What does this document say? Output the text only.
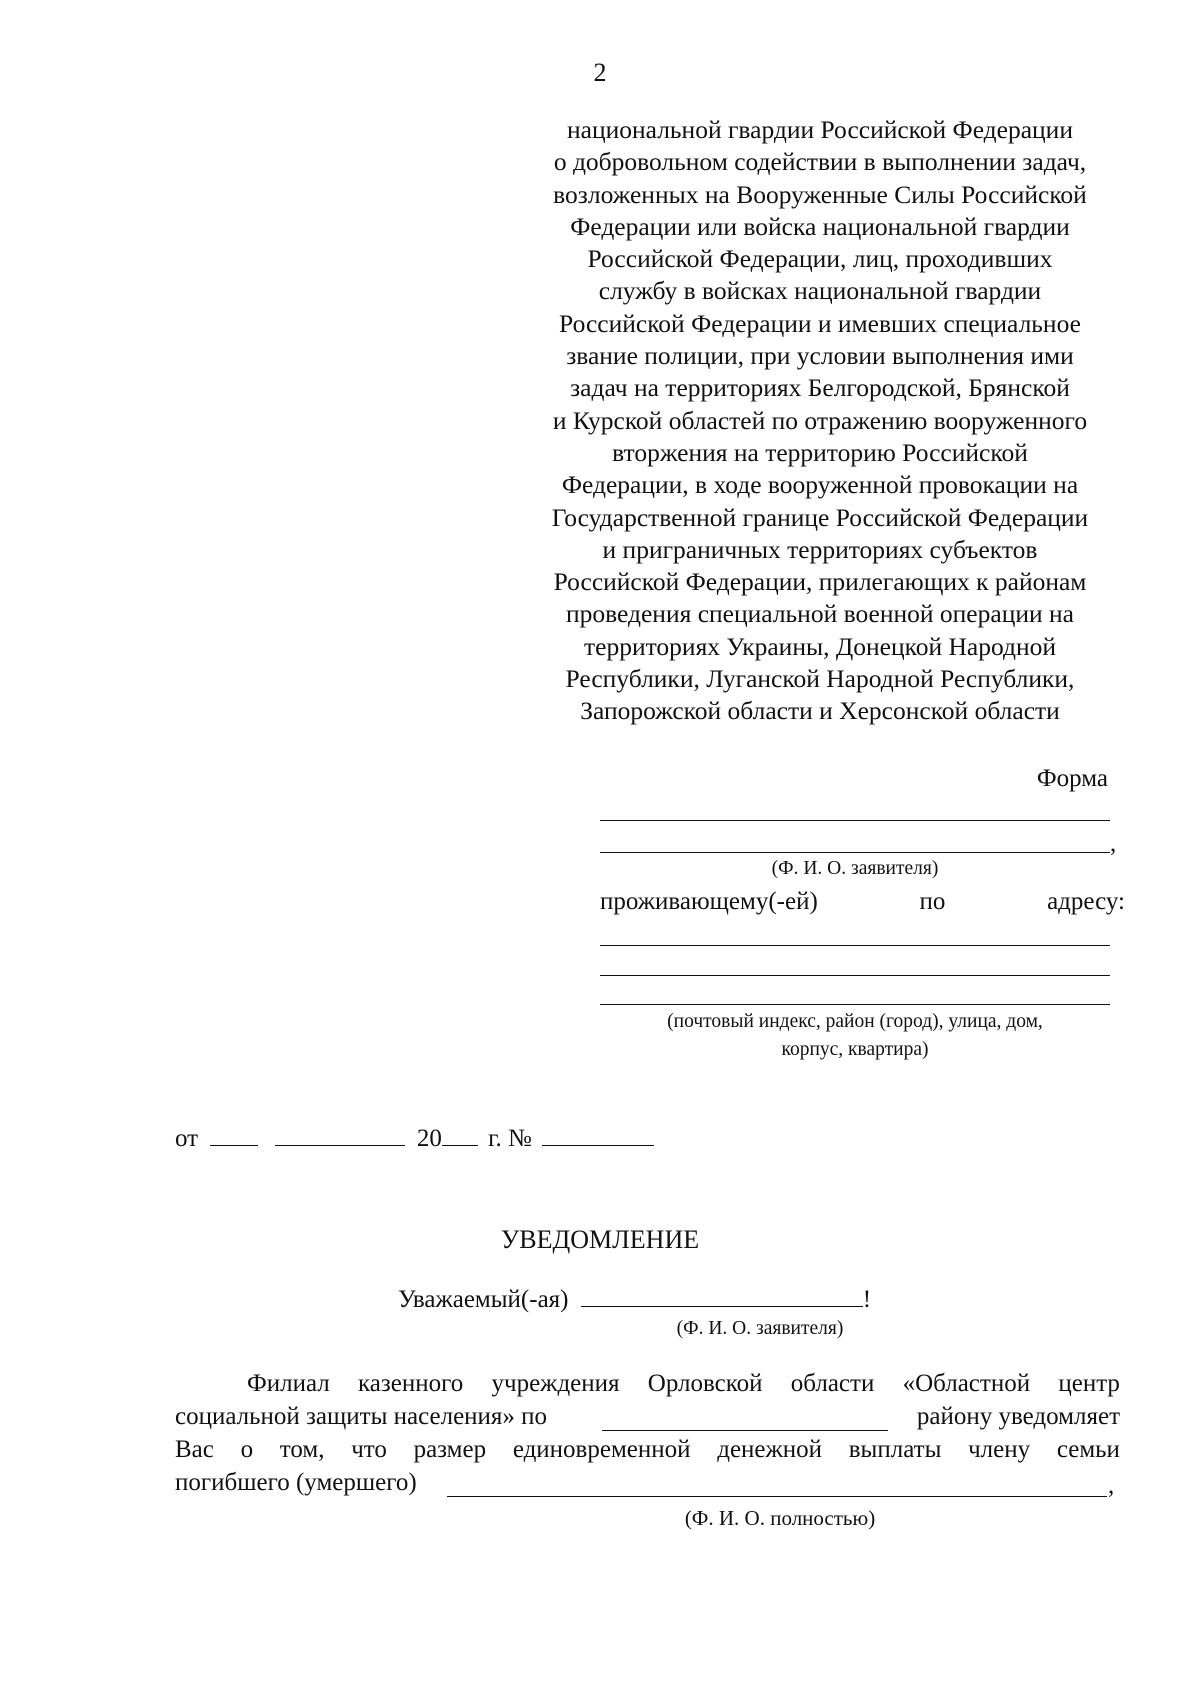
2
национальной гвардии Российской Федерации
о добровольном содействии в выполнении задач,
возложенных на Вооруженные Силы Российской
Федерации или войска национальной гвардии
Российской Федерации, лиц, проходивших
службу в войсках национальной гвардии
Российской Федерации и имевших специальное
звание полиции, при условии выполнения ими
задач на территориях Белгородской, Брянской
и Курской областей по отражению вооруженного
вторжения на территорию Российской
Федерации, в ходе вооруженной провокации на
Государственной границе Российской Федерации
и приграничных территориях субъектов
Российской Федерации, прилегающих к районам
проведения специальной военной операции на
территориях Украины, Донецкой Народной
Республики, Луганской Народной Республики,
Запорожской области и Херсонской области
Форма
,
(Ф. И. О. заявителя)
проживающему(-ей)	по	адресу:
(почтовый индекс, район (город), улица, дом,
корпус, квартира)
от	20 г. №
УВЕДОМЛЕНИЕ
Уважаемый(-ая)	!
(Ф. И. О. заявителя)
Филиал казенного учреждения Орловской области «Областной центр
социальной защиты населения» по	району уведомляет
Вас о том, что размер единовременной денежной выплаты члену семьи
погибшего (умершего)	,
(Ф. И. О. полностью)
